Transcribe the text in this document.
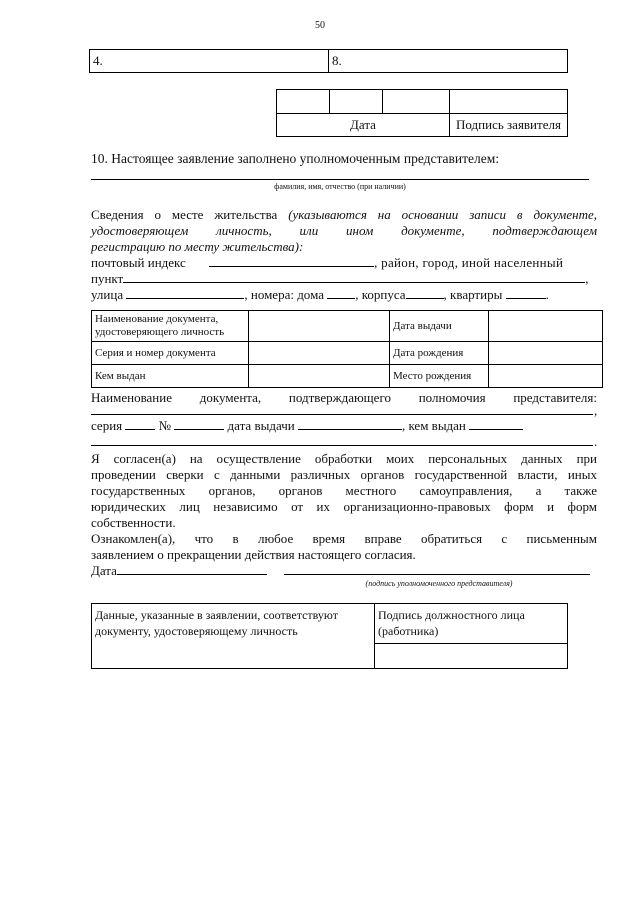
50
4.	8.

Дата			Подпись заявителя
10. Настоящее заявление заполнено уполномоченным представителем:
фамилия, имя, отчество (при наличии)
Сведения о месте жительства (указываются на основании записи в документе,
удостоверяющем личность, или ином документе, подтверждающем
регистрацию по месту жительства):
почтовый индекс	, район, город, иной населенный
пункт	,
улица	, номера: дома , корпуса	, квартиры	.
Наименование документа, удостоверяющего личность		Дата выдачи	
Серия и номер документа		Дата рождения	
Кем выдан		Место рождения	
Наименование документа, подтверждающего полномочия представителя:
,
серия	№	дата выдачи	, кем выдан
.
Я согласен(а) на осуществление обработки моих персональных данных при
проведении сверки с данными различных органов государственной власти, иных
государственных органов, органов местного самоуправления, а также
юридических лиц независимо от их организационно-правовых форм и форм
собственности.
Ознакомлен(а), что в любое время вправе обратиться с письменным
заявлением о прекращении действия настоящего согласия.
Дата
(подпись уполномоченного представителя)
Данные, указанные в заявлении, соответствуют документу, удостоверяющему личность	Подпись должностного лица (работника)
